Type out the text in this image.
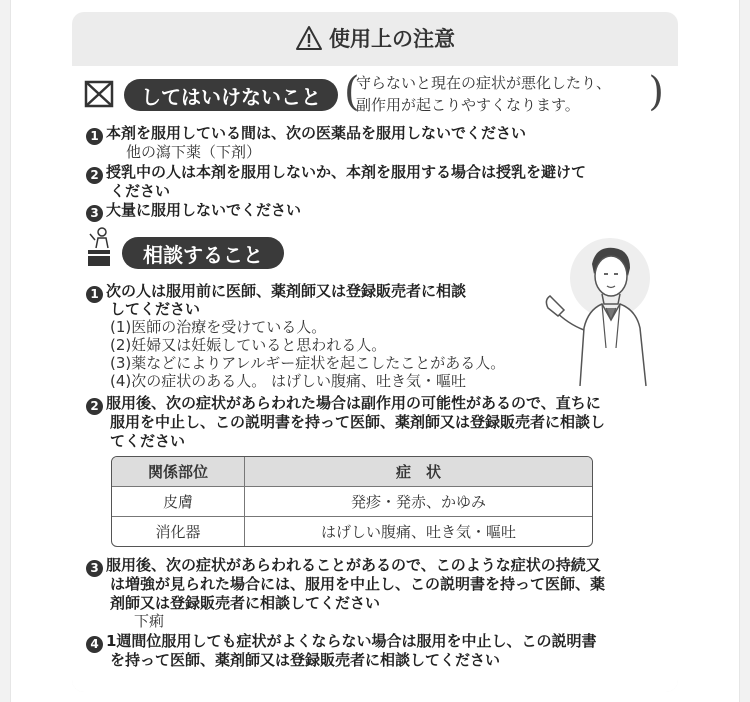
使用上の注意
してはいけないこと
( 守らないと現在の症状が悪化したり、
副作用が起こりやすくなります。
)
1 本剤を服用している間は、次の医薬品を服用しないでください
他の瀉下薬（下剤）
2 授乳中の人は本剤を服用しないか、本剤を服用する場合は授乳を避けて
ください
3 大量に服用しないでください
相談すること
1 次の人は服用前に医師、薬剤師又は登録販売者に相談
してください
(1)医師の治療を受けている人。
(2)妊婦又は妊娠していると思われる人。
(3)薬などによりアレルギー症状を起こしたことがある人。
(4)次の症状のある人。 はげしい腹痛、吐き気・嘔吐
2 服用後、次の症状があらわれた場合は副作用の可能性があるので、直ちに
服用を中止し、この説明書を持って医師、薬剤師又は登録販売者に相談し
てください
関係部位	症　状
皮膚	発疹・発赤、かゆみ
消化器	はげしい腹痛、吐き気・嘔吐
3 服用後、次の症状があらわれることがあるので、このような症状の持続又
は増強が見られた場合には、服用を中止し、この説明書を持って医師、薬
剤師又は登録販売者に相談してください
下痢
4 1週間位服用しても症状がよくならない場合は服用を中止し、この説明書
を持って医師、薬剤師又は登録販売者に相談してください
